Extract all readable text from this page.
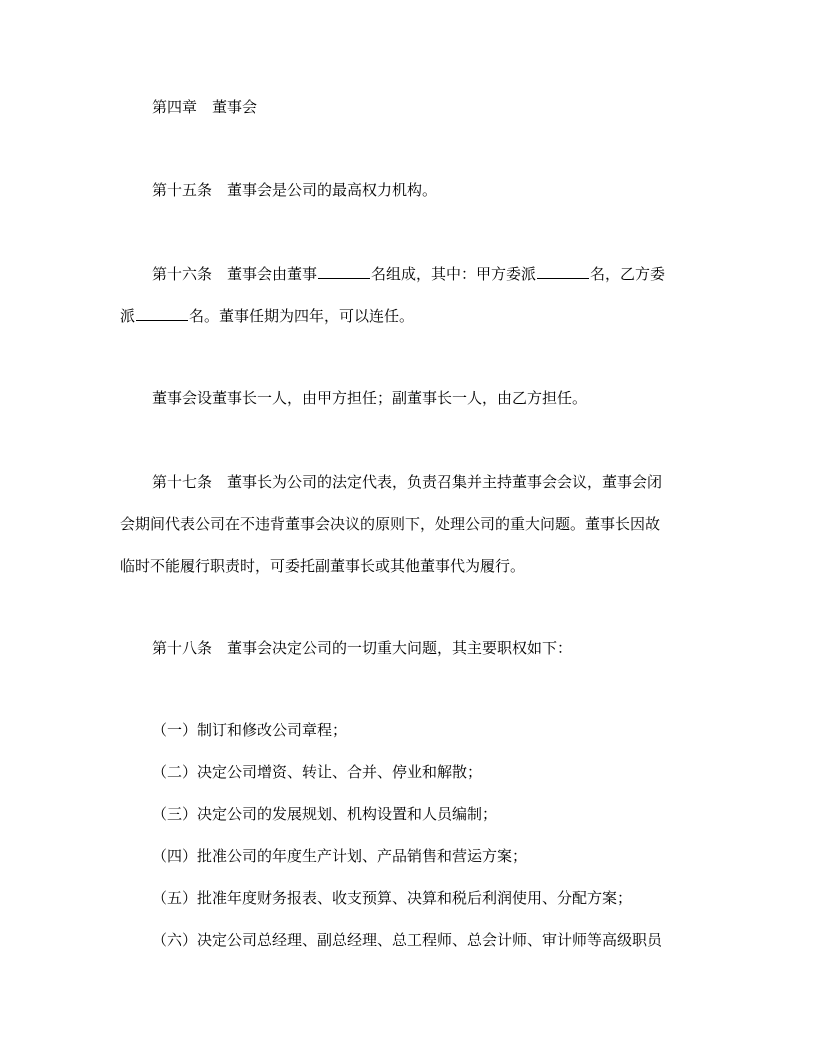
第四章 董事会
第十五条 董事会是公司的最高权力机构。
第十六条 董事会由董事	名组成，其中：甲方委派	名，乙方委
派	名。董事任期为四年，可以连任。
董事会设董事长一人，由甲方担任；副董事长一人，由乙方担任。
第十七条 董事长为公司的法定代表，负责召集并主持董事会会议，董事会闭
会期间代表公司在不违背董事会决议的原则下，处理公司的重大问题。董事长因故
临时不能履行职责时，可委托副董事长或其他董事代为履行。
第十八条 董事会决定公司的一切重大问题，其主要职权如下：
（一）制订和修改公司章程；
（二）决定公司增资、转让、合并、停业和解散；
（三）决定公司的发展规划、机构设置和人员编制；
（四）批准公司的年度生产计划、产品销售和营运方案；
（五）批准年度财务报表、收支预算、决算和税后利润使用、分配方案；
（六）决定公司总经理、副总经理、总工程师、总会计师、审计师等高级职员
